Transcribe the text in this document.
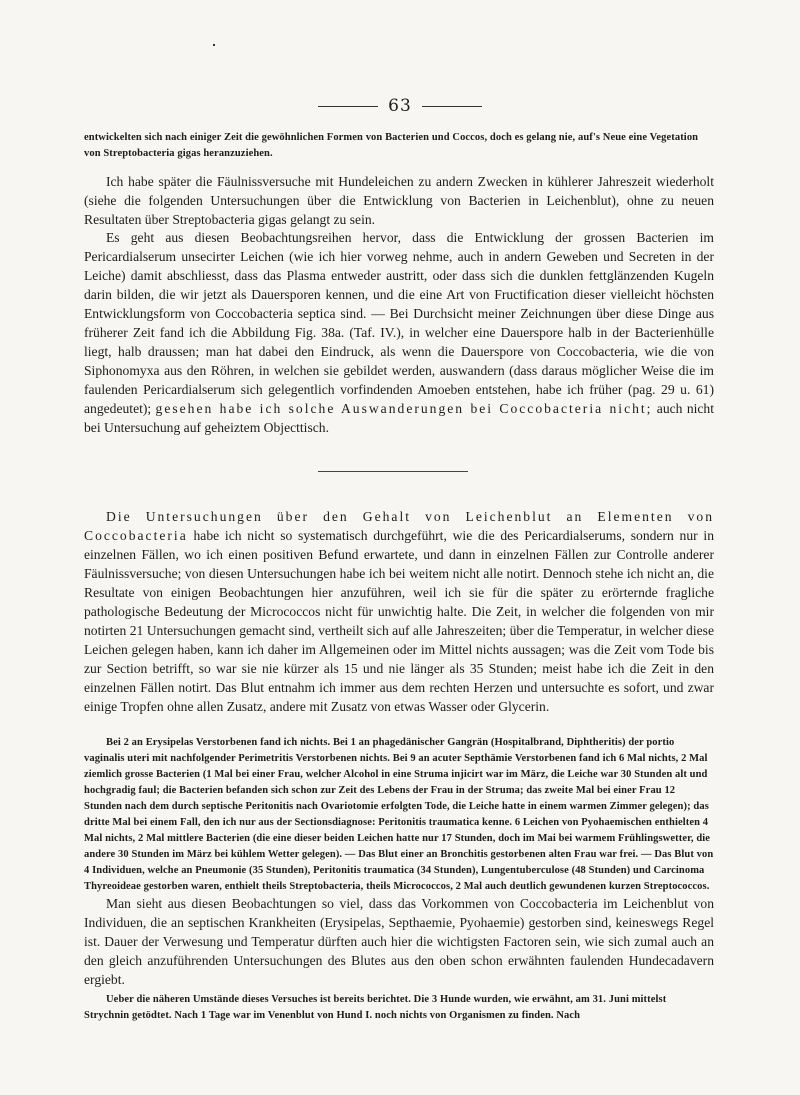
63

entwickelten sich nach einiger Zeit die gewöhnlichen Formen von Bacterien und Coccos, doch es gelang nie, auf's Neue eine Vegetation von Streptobacteria gigas heranzuziehen.

Ich habe später die Fäulnissversuche mit Hundeleichen zu andern Zwecken in kühlerer Jahreszeit wiederholt (siehe die folgenden Untersuchungen über die Entwicklung von Bacterien in Leichenblut), ohne zu neuen Resultaten über Streptobacteria gigas gelangt zu sein.

Es geht aus diesen Beobachtungsreihen hervor, dass die Entwicklung der grossen Bacterien im Pericardialserum unsecirter Leichen (wie ich hier vorweg nehme, auch in andern Geweben und Secreten in der Leiche) damit abschliesst, dass das Plasma entweder austritt, oder dass sich die dunklen fettglänzenden Kugeln darin bilden, die wir jetzt als Dauersporen kennen, und die eine Art von Fructification dieser vielleicht höchsten Entwicklungsform von Coccobacteria septica sind. — Bei Durchsicht meiner Zeichnungen über diese Dinge aus früherer Zeit fand ich die Abbildung Fig. 38a. (Taf. IV.), in welcher eine Dauerspore halb in der Bacterienhülle liegt, halb draussen; man hat dabei den Eindruck, als wenn die Dauerspore von Coccobacteria, wie die von Siphonomyxa aus den Röhren, in welchen sie gebildet werden, auswandern (dass daraus möglicher Weise die im faulenden Pericardialserum sich gelegentlich vorfindenden Amoeben entstehen, habe ich früher (pag. 29 u. 61) angedeutet); gesehen habe ich solche Auswanderungen bei Coccobacteria nicht; auch nicht bei Untersuchung auf geheiztem Objecttisch.

Die Untersuchungen über den Gehalt von Leichenblut an Elementen von Coccobacteria habe ich nicht so systematisch durchgeführt, wie die des Pericardialserums, sondern nur in einzelnen Fällen, wo ich einen positiven Befund erwartete, und dann in einzelnen Fällen zur Controlle anderer Fäulnissversuche; von diesen Untersuchungen habe ich bei weitem nicht alle notirt. Dennoch stehe ich nicht an, die Resultate von einigen Beobachtungen hier anzuführen, weil ich sie für die später zu erörternde fragliche pathologische Bedeutung der Micrococcos nicht für unwichtig halte. Die Zeit, in welcher die folgenden von mir notirten 21 Untersuchungen gemacht sind, vertheilt sich auf alle Jahreszeiten; über die Temperatur, in welcher diese Leichen gelegen haben, kann ich daher im Allgemeinen oder im Mittel nichts aussagen; was die Zeit vom Tode bis zur Section betrifft, so war sie nie kürzer als 15 und nie länger als 35 Stunden; meist habe ich die Zeit in den einzelnen Fällen notirt. Das Blut entnahm ich immer aus dem rechten Herzen und untersuchte es sofort, und zwar einige Tropfen ohne allen Zusatz, andere mit Zusatz von etwas Wasser oder Glycerin.

Bei 2 an Erysipelas Verstorbenen fand ich nichts. Bei 1 an phagedänischer Gangrän (Hospitalbrand, Diphtheritis) der portio vaginalis uteri mit nachfolgender Perimetritis Verstorbenen nichts. Bei 9 an acuter Septhämie Verstorbenen fand ich 6 Mal nichts, 2 Mal ziemlich grosse Bacterien (1 Mal bei einer Frau, welcher Alcohol in eine Struma injicirt war im März, die Leiche war 30 Stunden alt und hochgradig faul; die Bacterien befanden sich schon zur Zeit des Lebens der Frau in der Struma; das zweite Mal bei einer Frau 12 Stunden nach dem durch septische Peritonitis nach Ovariotomie erfolgten Tode, die Leiche hatte in einem warmen Zimmer gelegen); das dritte Mal bei einem Fall, den ich nur aus der Sectionsdiagnose: Peritonitis traumatica kenne. 6 Leichen von Pyohaemischen enthielten 4 Mal nichts, 2 Mal mittlere Bacterien (die eine dieser beiden Leichen hatte nur 17 Stunden, doch im Mai bei warmem Frühlingswetter, die andere 30 Stunden im März bei kühlem Wetter gelegen). — Das Blut einer an Bronchitis gestorbenen alten Frau war frei. — Das Blut von 4 Individuen, welche an Pneumonie (35 Stunden), Peritonitis traumatica (34 Stunden), Lungentuberculose (48 Stunden) und Carcinoma Thyreoideae gestorben waren, enthielt theils Streptobacteria, theils Micrococcos, 2 Mal auch deutlich gewundenen kurzen Streptococcos.

Man sieht aus diesen Beobachtungen so viel, dass das Vorkommen von Coccobacteria im Leichenblut von Individuen, die an septischen Krankheiten (Erysipelas, Septhaemie, Pyohaemie) gestorben sind, keineswegs Regel ist. Dauer der Verwesung und Temperatur dürften auch hier die wichtigsten Factoren sein, wie sich zumal auch an den gleich anzuführenden Untersuchungen des Blutes aus den oben schon erwähnten faulenden Hundecadavern ergiebt.

Ueber die näheren Umstände dieses Versuches ist bereits berichtet. Die 3 Hunde wurden, wie erwähnt, am 31. Juni mittelst Strychnin getödtet. Nach 1 Tage war im Venenblut von Hund I. noch nichts von Organismen zu finden. Nach
